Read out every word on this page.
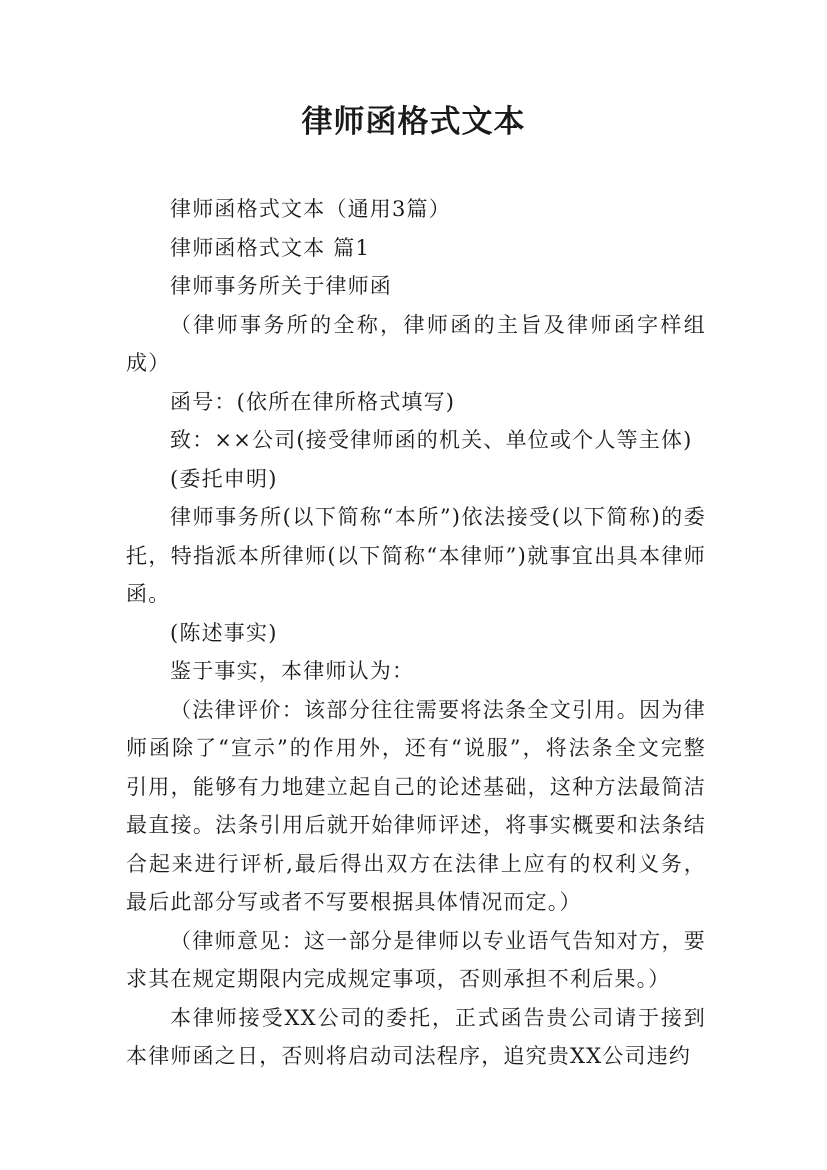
律师函格式文本

律师函格式文本（通用3篇）

律师函格式文本 篇1

律师事务所关于律师函

（律师事务所的全称，律师函的主旨及律师函字样组成）

函号：(依所在律所格式填写)

致：××公司(接受律师函的机关、单位或个人等主体)

(委托申明)

律师事务所(以下简称“本所”)依法接受(以下简称)的委托，特指派本所律师(以下简称“本律师”)就事宜出具本律师函。

(陈述事实)

鉴于事实，本律师认为：

（法律评价：该部分往往需要将法条全文引用。因为律师函除了“宣示”的作用外，还有“说服”，将法条全文完整引用，能够有力地建立起自己的论述基础，这种方法最简洁最直接。法条引用后就开始律师评述，将事实概要和法条结合起来进行评析,最后得出双方在法律上应有的权利义务，最后此部分写或者不写要根据具体情况而定。）

（律师意见：这一部分是律师以专业语气告知对方，要求其在规定期限内完成规定事项，否则承担不利后果。）

本律师接受XX公司的委托，正式函告贵公司请于接到本律师函之日，否则将启动司法程序，追究贵XX公司违约
